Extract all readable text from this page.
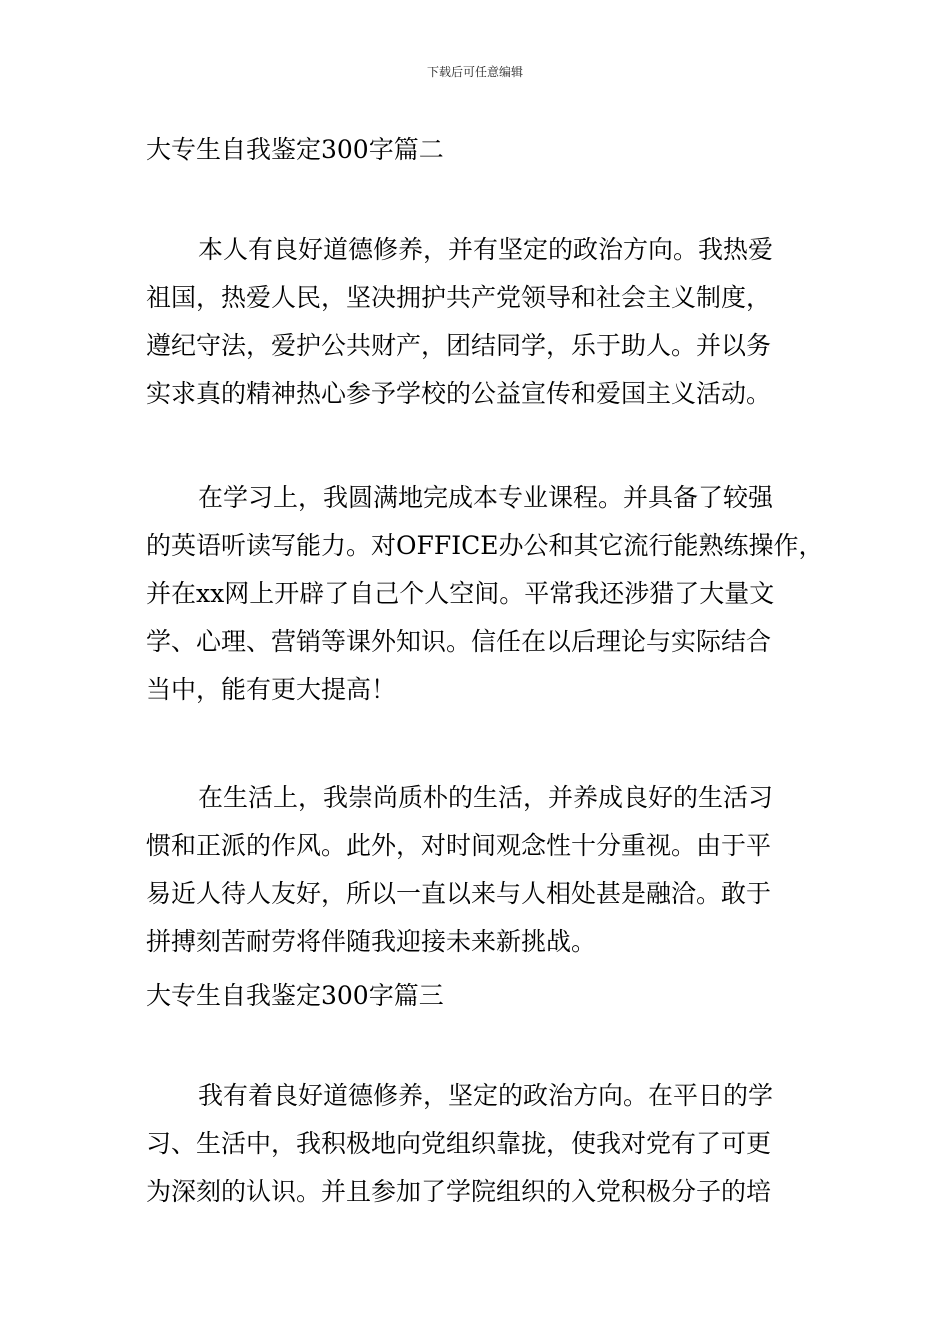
下载后可任意编辑
大专生自我鉴定300字篇二
本人有良好道德修养，并有坚定的政治方向。我热爱
祖国，热爱人民，坚决拥护共产党领导和社会主义制度，
遵纪守法，爱护公共财产，团结同学，乐于助人。并以务
实求真的精神热心参予学校的公益宣传和爱国主义活动。
在学习上，我圆满地完成本专业课程。并具备了较强
的英语听读写能力。对OFFICE办公和其它流行能熟练操作，
并在xx网上开辟了自己个人空间。平常我还涉猎了大量文
学、心理、营销等课外知识。信任在以后理论与实际结合
当中，能有更大提高！
在生活上，我崇尚质朴的生活，并养成良好的生活习
惯和正派的作风。此外，对时间观念性十分重视。由于平
易近人待人友好，所以一直以来与人相处甚是融洽。敢于
拼搏刻苦耐劳将伴随我迎接未来新挑战。
大专生自我鉴定300字篇三
我有着良好道德修养，坚定的政治方向。在平日的学
习、生活中，我积极地向党组织靠拢，使我对党有了可更
为深刻的认识。并且参加了学院组织的入党积极分子的培
